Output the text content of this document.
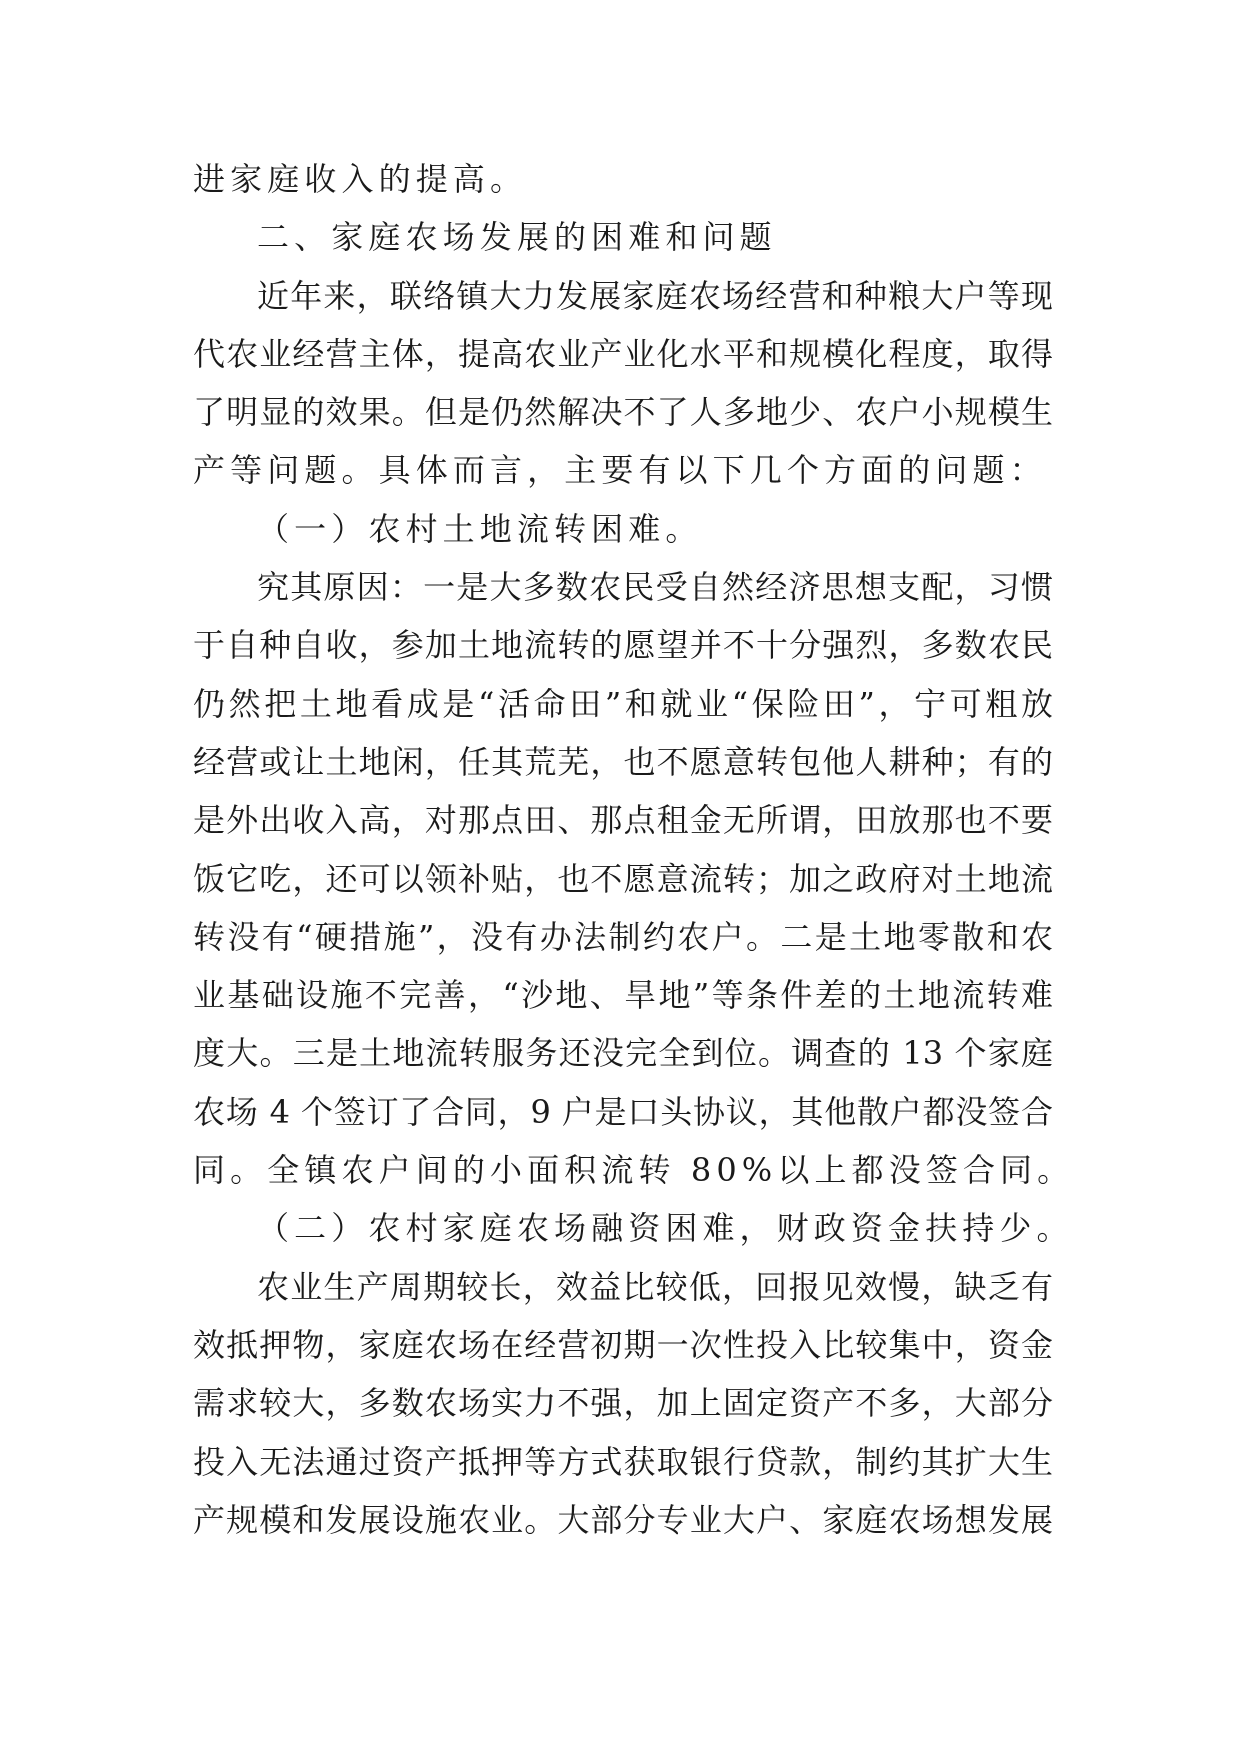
进家庭收入的提高。
二、家庭农场发展的困难和问题
近年来，联络镇大力发展家庭农场经营和种粮大户等现
代农业经营主体，提高农业产业化水平和规模化程度，取得
了明显的效果。但是仍然解决不了人多地少、农户小规模生
产等问题。具体而言，主要有以下几个方面的问题：
（一）农村土地流转困难。
究其原因：一是大多数农民受自然经济思想支配，习惯
于自种自收，参加土地流转的愿望并不十分强烈，多数农民
仍然把土地看成是“活命田”和就业“保险田”，宁可粗放
经营或让土地闲，任其荒芜，也不愿意转包他人耕种；有的
是外出收入高，对那点田、那点租金无所谓，田放那也不要
饭它吃，还可以领补贴，也不愿意流转；加之政府对土地流
转没有“硬措施”，没有办法制约农户。二是土地零散和农
业基础设施不完善，“沙地、旱地”等条件差的土地流转难
度大。三是土地流转服务还没完全到位。调查的 13 个家庭
农场 4 个签订了合同，9 户是口头协议，其他散户都没签合
同。全镇农户间的小面积流转 80%以上都没签合同。
（二）农村家庭农场融资困难，财政资金扶持少。
农业生产周期较长，效益比较低，回报见效慢，缺乏有
效抵押物，家庭农场在经营初期一次性投入比较集中，资金
需求较大，多数农场实力不强，加上固定资产不多，大部分
投入无法通过资产抵押等方式获取银行贷款，制约其扩大生
产规模和发展设施农业。大部分专业大户、家庭农场想发展
